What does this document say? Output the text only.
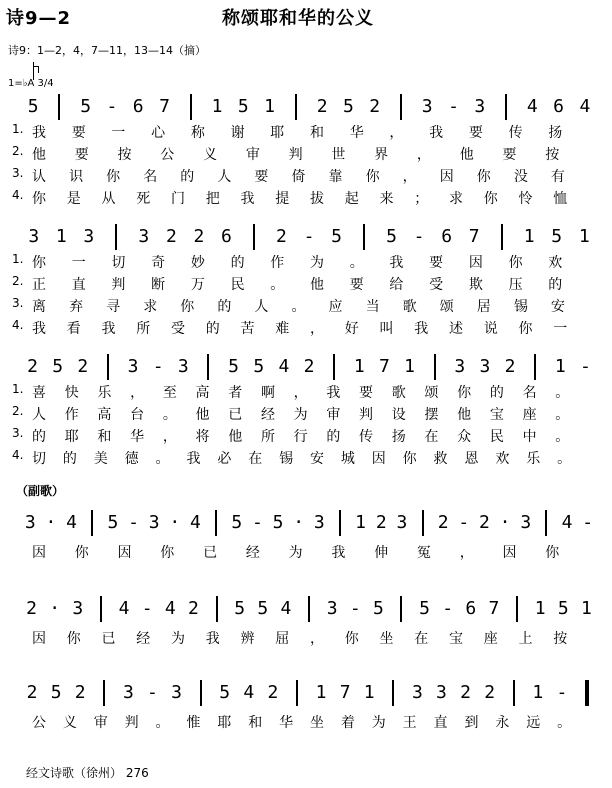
诗9—2	称颂耶和华的公义
诗9：1—2，4，7—11，13—14（摘）
1=♭A 3/4
5 5 - 6 7 1 5 1 2 5 2 3 - 3 4 6 4
1. 我 要 一 心 称 谢 耶 和 华 ， 我 要 传 扬
2. 他 要 按 公 义 审 判 世 界 ， 他 要 按
3. 认 识 你 名 的 人 要 倚 靠 你 ， 因 你 没 有
4. 你 是 从 死 门 把 我 提 拔 起 来 ； 求 你 怜 恤
3 1 3 3 2 2 6 2 - 5 5 - 6 7 1 5 1
1. 你 一 切 奇 妙 的 作 为 。 我 要 因 你 欢
2. 正 直 判 断 万 民 。 他 要 给 受 欺 压 的
3. 离 弃 寻 求 你 的 人 。 应 当 歌 颂 居 锡 安
4. 我 看 我 所 受 的 苦 难 ， 好 叫 我 述 说 你 一
2 5 2 3 - 3 5 5 4 2 1 7 1 3 3 2 1 -
1. 喜 快 乐 ， 至 高 者 啊 ， 我 要 歌 颂 你 的 名 。
2. 人 作 高 台 。 他 已 经 为 审 判 设 摆 他 宝 座 。
3. 的 耶 和 华 ， 将 他 所 行 的 传 扬 在 众 民 中 。
4. 切 的 美 德 。 我 必 在 锡 安 城 因 你 救 恩 欢 乐 。
3 · 4 5 - 3 · 4 5 - 5 · 3 1 2 3 2 - 2 · 3 4 -
因 你 因 你 已 经 为 我 伸 冤 ， 因 你
2 · 3 4 - 4 2 5 5 4 3 - 5 5 - 6 7 1 5 1
因 你 已 经 为 我 辨 屈 ， 你 坐 在 宝 座 上 按
2 5 2 3 - 3 5 4 2 1 7 1 3 3 2 2 1 -
公 义 审 判 。 惟 耶 和 华 坐 着 为 王 直 到 永 远 。
（副歌）
经文诗歌（徐州） 276
